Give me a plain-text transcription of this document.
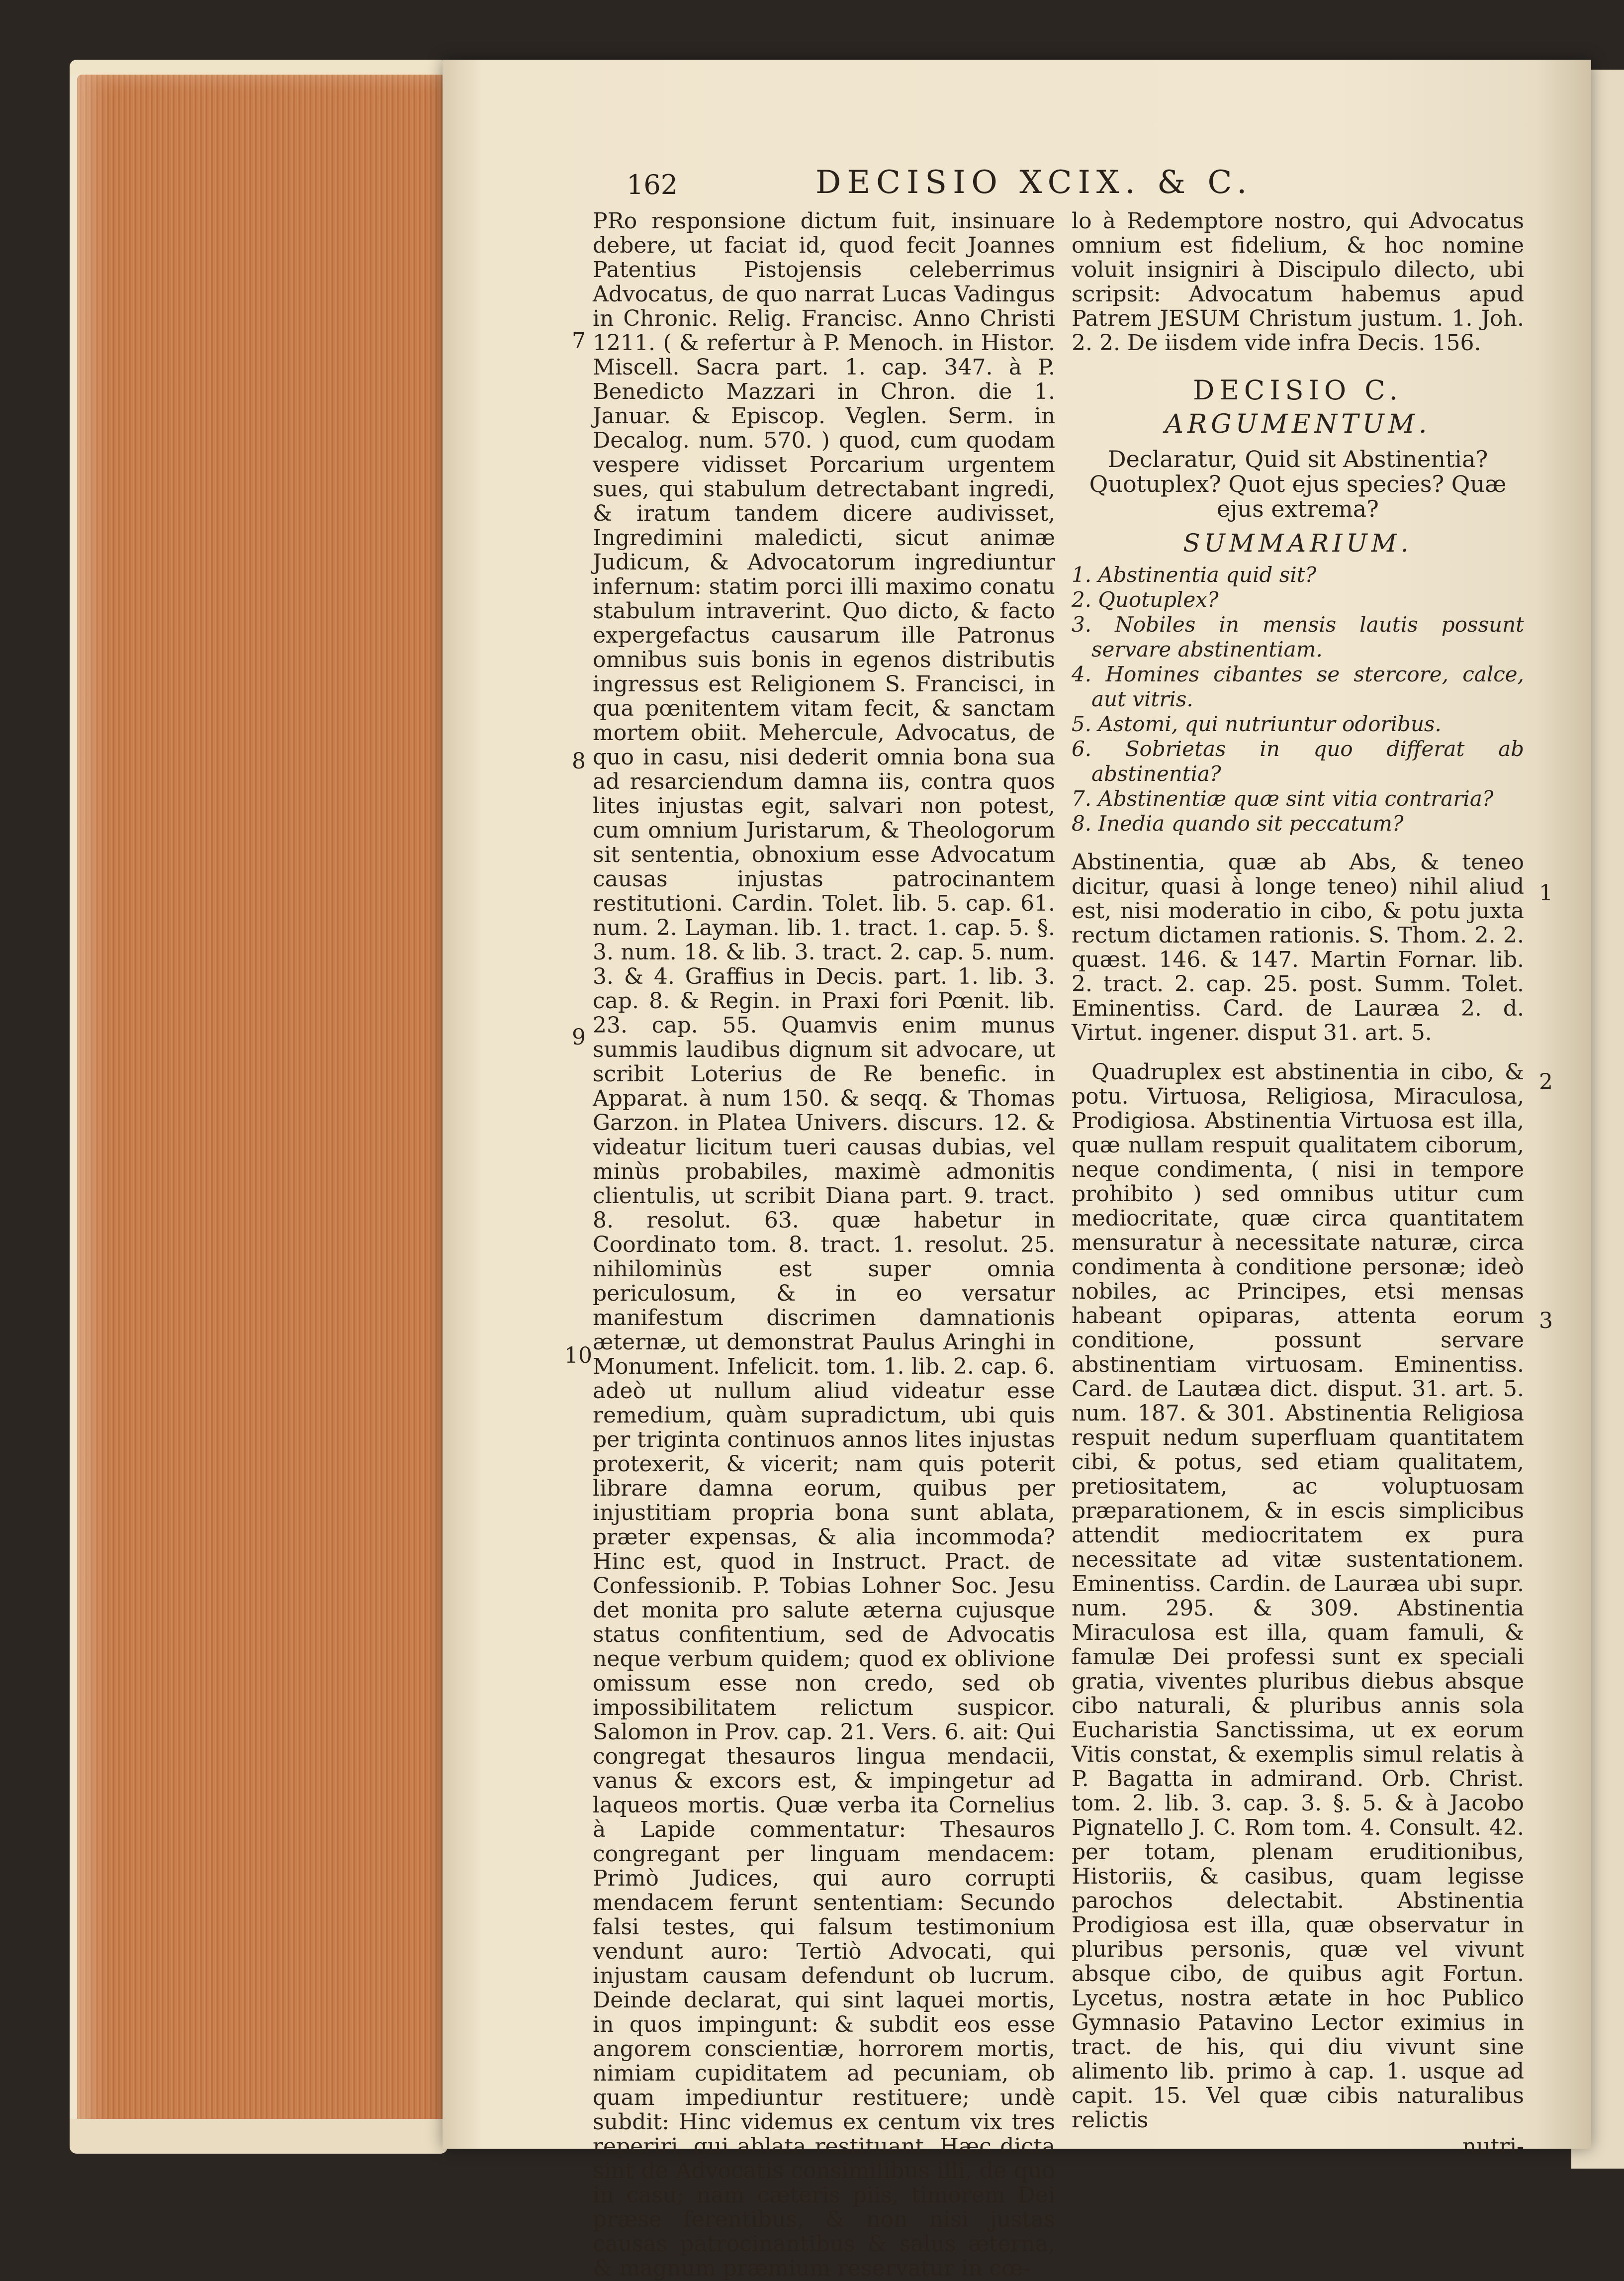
162	DECISIO XCIX. & C.

PRo responsione dictum fuit, insinuare debere, ut faciat id, quod fecit Joannes Patentius Pistojensis celeberrimus Advocatus, de quo narrat Lucas Vadingus in Chronic. Relig. Francisc. Anno Christi 1211. ( & refertur à P. Menoch. in Histor. Miscell. Sacra part. 1. cap. 347. à P. Benedicto Mazzari in Chron. die 1. Januar. & Episcop. Veglen. Serm. in Decalog. num. 570. ) quod, cum quodam vespere vidisset Porcarium urgentem sues, qui stabulum detrectabant ingredi, & iratum tandem dicere audivisset, Ingredimini maledicti, sicut animæ Judicum, & Advocatorum ingrediuntur infernum: statim porci illi maximo conatu stabulum intraverint. Quo dicto, & facto expergefactus causarum ille Patronus omnibus suis bonis in egenos distributis ingressus est Religionem S. Francisci, in qua pœnitentem vitam fecit, & sanctam mortem obiit. Mehercule, Advocatus, de quo in casu, nisi dederit omnia bona sua ad resarciendum damna iis, contra quos lites injustas egit, salvari non potest, cum omnium Juristarum, & Theologorum sit sententia, obnoxium esse Advocatum causas injustas patrocinantem restitutioni. Cardin. Tolet. lib. 5. cap. 61. num. 2. Layman. lib. 1. tract. 1. cap. 5. §. 3. num. 18. & lib. 3. tract. 2. cap. 5. num. 3. & 4. Graffius in Decis. part. 1. lib. 3. cap. 8. & Regin. in Praxi fori Pœnit. lib. 23. cap. 55. Quamvis enim munus summis laudibus dignum sit advocare, ut scribit Loterius de Re benefic. in Apparat. à num 150. & seqq. & Thomas Garzon. in Platea Univers. discurs. 12. & videatur licitum tueri causas dubias, vel minùs probabiles, maximè admonitis clientulis, ut scribit Diana part. 9. tract. 8. resolut. 63. quæ habetur in Coordinato tom. 8. tract. 1. resolut. 25. nihilominùs est super omnia periculosum, & in eo versatur manifestum discrimen damnationis æternæ, ut demonstrat Paulus Aringhi in Monument. Infelicit. tom. 1. lib. 2. cap. 6. adeò ut nullum aliud videatur esse remedium, quàm supradictum, ubi quis per triginta continuos annos lites injustas protexerit, & vicerit; nam quis poterit librare damna eorum, quibus per injustitiam propria bona sunt ablata, præter expensas, & alia incommoda? Hinc est, quod in Instruct. Pract. de Confessionib. P. Tobias Lohner Soc. Jesu det monita pro salute æterna cujusque status confitentium, sed de Advocatis neque verbum quidem; quod ex oblivione omissum esse non credo, sed ob impossibilitatem relictum suspicor. Salomon in Prov. cap. 21. Vers. 6. ait: Qui congregat thesauros lingua mendacii, vanus & excors est, & impingetur ad laqueos mortis. Quæ verba ita Cornelius à Lapide commentatur: Thesauros congregant per linguam mendacem: Primò Judices, qui auro corrupti mendacem ferunt sententiam: Secundo falsi testes, qui falsum testimonium vendunt auro: Tertiò Advocati, qui injustam causam defendunt ob lucrum. Deinde declarat, qui sint laquei mortis, in quos impingunt: & subdit eos esse angorem conscientiæ, horrorem mortis, nimiam cupiditatem ad pecuniam, ob quam impediuntur restituere; undè subdit: Hinc videmus ex centum vix tres reperiri, qui ablata restituant. Hæc dicta sint de Advocatis consimilibus illi, de quo in casu; nam cæteris piis, timorem Dei præse ferentibus, & non nisi justas causas patrocinantibus & salus æterna, & magnum præmium reservatur in cœ-

7
8
9
10

lo à Redemptore nostro, qui Advocatus omnium est fidelium, & hoc nomine voluit insigniri à Discipulo dilecto, ubi scripsit: Advocatum habemus apud Patrem JESUM Christum justum. 1. Joh. 2. 2. De iisdem vide infra Decis. 156.

DECISIO C.
ARGUMENTUM.
Declaratur, Quid sit Abstinentia? Quotuplex? Quot ejus species? Quæ ejus extrema?
SUMMARIUM.
1. Abstinentia quid sit?
2. Quotuplex?
3. Nobiles in mensis lautis possunt servare abstinentiam.
4. Homines cibantes se stercore, calce, aut vitris.
5. Astomi, qui nutriuntur odoribus.
6. Sobrietas in quo differat ab abstinentia?
7. Abstinentiæ quæ sint vitia contraria?
8. Inedia quando sit peccatum?

Abstinentia, quæ ab Abs, & teneo dicitur, quasi à longe teneo) nihil aliud est, nisi moderatio in cibo, & potu juxta rectum dictamen rationis. S. Thom. 2. 2. quæst. 146. & 147. Martin Fornar. lib. 2. tract. 2. cap. 25. post. Summ. Tolet. Eminentiss. Card. de Lauræa 2. d. Virtut. ingener. disput 31. art. 5.

Quadruplex est abstinentia in cibo, & potu. Virtuosa, Religiosa, Miraculosa, Prodigiosa. Abstinentia Virtuosa est illa, quæ nullam respuit qualitatem ciborum, neque condimenta, ( nisi in tempore prohibito ) sed omnibus utitur cum mediocritate, quæ circa quantitatem mensuratur à necessitate naturæ, circa condimenta à conditione personæ; ideò nobiles, ac Principes, etsi mensas habeant opiparas, attenta eorum conditione, possunt servare abstinentiam virtuosam. Eminentiss. Card. de Lautæa dict. disput. 31. art. 5. num. 187. & 301. Abstinentia Religiosa respuit nedum superfluam quantitatem cibi, & potus, sed etiam qualitatem, pretiositatem, ac voluptuosam præparationem, & in escis simplicibus attendit mediocritatem ex pura necessitate ad vitæ sustentationem. Eminentiss. Cardin. de Lauræa ubi supr. num. 295. & 309. Abstinentia Miraculosa est illa, quam famuli, & famulæ Dei professi sunt ex speciali gratia, viventes pluribus diebus absque cibo naturali, & pluribus annis sola Eucharistia Sanctissima, ut ex eorum Vitis constat, & exemplis simul relatis à P. Bagatta in admirand. Orb. Christ. tom. 2. lib. 3. cap. 3. §. 5. & à Jacobo Pignatello J. C. Rom tom. 4. Consult. 42. per totam, plenam eruditionibus, Historiis, & casibus, quam legisse parochos delectabit. Abstinentia Prodigiosa est illa, quæ observatur in pluribus personis, quæ vel vivunt absque cibo, de quibus agit Fortun. Lycetus, nostra ætate in hoc Publico Gymnasio Patavino Lector eximius in tract. de his, qui diu vivunt sine alimento lib. primo à cap. 1. usque ad capit. 15. Vel quæ cibis naturalibus relictis

nutri-
1
2
3
